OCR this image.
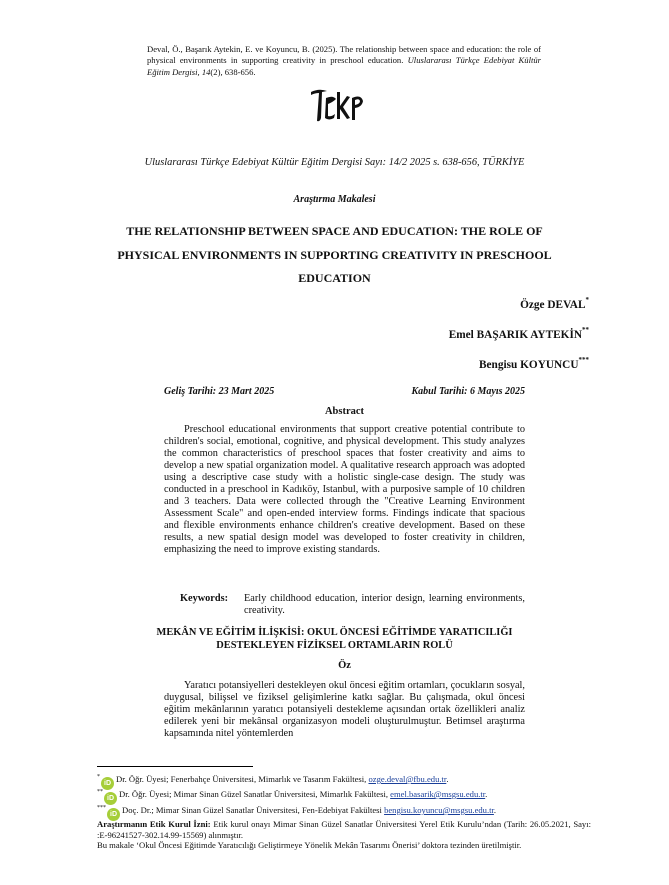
Deval, Ö., Başarık Aytekin, E. ve Koyuncu, B. (2025). The relationship between space and education: the role of physical environments in supporting creativity in preschool education. Uluslararası Türkçe Edebiyat Kültür Eğitim Dergisi, 14(2), 638-656.
Uluslararası Türkçe Edebiyat Kültür Eğitim Dergisi Sayı: 14/2 2025 s. 638-656, TÜRKİYE
Araştırma Makalesi
THE RELATIONSHIP BETWEEN SPACE AND EDUCATION: THE ROLE OF PHYSICAL ENVIRONMENTS IN SUPPORTING CREATIVITY IN PRESCHOOL EDUCATION
Özge DEVAL*
Emel BAŞARIK AYTEKİN**
Bengisu KOYUNCU***
Geliş Tarihi: 23 Mart 2025	Kabul Tarihi: 6 Mayıs 2025
Abstract
Preschool educational environments that support creative potential contribute to children's social, emotional, cognitive, and physical development. This study analyzes the common characteristics of preschool spaces that foster creativity and aims to develop a new spatial organization model. A qualitative research approach was adopted using a descriptive case study with a holistic single-case design. The study was conducted in a preschool in Kadıköy, Istanbul, with a purposive sample of 10 children and 3 teachers. Data were collected through the "Creative Learning Environment Assessment Scale" and open-ended interview forms. Findings indicate that spacious and flexible environments enhance children's creative development. Based on these results, a new spatial design model was developed to foster creativity in children, emphasizing the need to improve existing standards.
Keywords:	Early childhood education, interior design, learning environments, creativity.
MEKÂN VE EĞİTİM İLİŞKİSİ: OKUL ÖNCESİ EĞİTİMDE YARATICILIĞI DESTEKLEYEN FİZİKSEL ORTAMLARIN ROLÜ
Öz
Yaratıcı potansiyelleri destekleyen okul öncesi eğitim ortamları, çocukların sosyal, duygusal, bilişsel ve fiziksel gelişimlerine katkı sağlar. Bu çalışmada, okul öncesi eğitim mekânlarının yaratıcı potansiyeli destekleme açısından ortak özellikleri analiz edilerek yeni bir mekânsal organizasyon modeli oluşturulmuştur. Betimsel araştırma kapsamında nitel yöntemlerden
*iD Dr. Öğr. Üyesi; Fenerbahçe Üniversitesi, Mimarlık ve Tasarım Fakültesi, ozge.deval@fbu.edu.tr.
**iD Dr. Öğr. Üyesi; Mimar Sinan Güzel Sanatlar Üniversitesi, Mimarlık Fakültesi, emel.basarik@msgsu.edu.tr.
***iD Doç. Dr.; Mimar Sinan Güzel Sanatlar Üniversitesi, Fen-Edebiyat Fakültesi bengisu.koyuncu@msgsu.edu.tr.
Araştırmanın Etik Kurul İzni: Etik kurul onayı Mimar Sinan Güzel Sanatlar Üniversitesi Yerel Etik Kurulu’ndan (Tarih: 26.05.2021, Sayı: :E-96241527-302.14.99-15569) alınmıştır.
Bu makale ‘Okul Öncesi Eğitimde Yaratıcılığı Geliştirmeye Yönelik Mekân Tasarımı Önerisi’ doktora tezinden üretilmiştir.
